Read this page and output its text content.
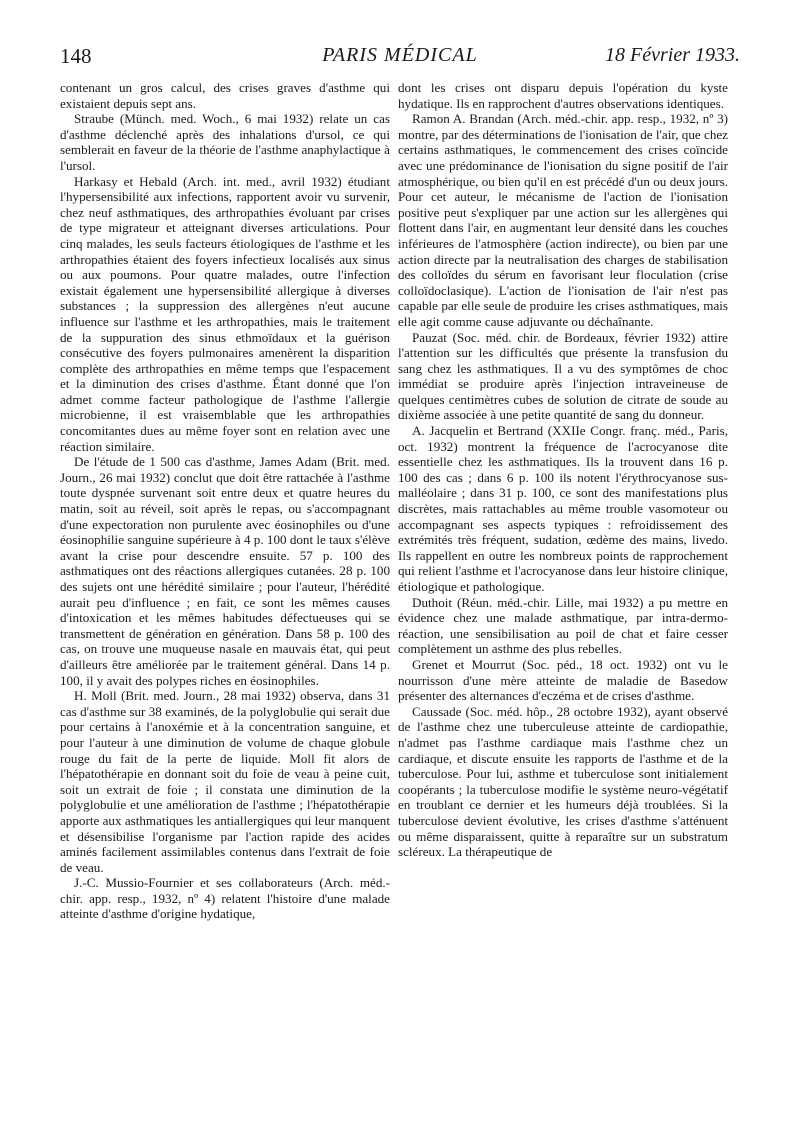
148	PARIS MÉDICAL	18 Février 1933.

contenant un gros calcul, des crises graves d'asthme qui existaient depuis sept ans.

Straube (Münch. med. Woch., 6 mai 1932) relate un cas d'asthme déclenché après des inhalations d'ursol, ce qui semblerait en faveur de la théorie de l'asthme anaphylactique à l'ursol.

Harkasy et Hebald (Arch. int. med., avril 1932) étudiant l'hypersensibilité aux infections, rapportent avoir vu survenir, chez neuf asthmatiques, des arthropathies évoluant par crises de type migrateur et atteignant diverses articulations. Pour cinq malades, les seuls facteurs étiologiques de l'asthme et les arthropathies étaient des foyers infectieux localisés aux sinus ou aux poumons. Pour quatre malades, outre l'infection existait également une hypersensibilité allergique à diverses substances ; la suppression des allergènes n'eut aucune influence sur l'asthme et les arthropathies, mais le traitement de la suppuration des sinus ethmoïdaux et la guérison consécutive des foyers pulmonaires amenèrent la disparition complète des arthropathies en même temps que l'espacement et la diminution des crises d'asthme. Étant donné que l'on admet comme facteur pathologique de l'asthme l'allergie microbienne, il est vraisemblable que les arthropathies concomitantes dues au même foyer sont en relation avec une réaction similaire.

De l'étude de 1 500 cas d'asthme, James Adam (Brit. med. Journ., 26 mai 1932) conclut que doit être rattachée à l'asthme toute dyspnée survenant soit entre deux et quatre heures du matin, soit au réveil, soit après le repas, ou s'accompagnant d'une expectoration non purulente avec éosinophiles ou d'une éosinophilie sanguine supérieure à 4 p. 100 dont le taux s'élève avant la crise pour descendre ensuite. 57 p. 100 des asthmatiques ont des réactions allergiques cutanées. 28 p. 100 des sujets ont une hérédité similaire ; pour l'auteur, l'hérédité aurait peu d'influence ; en fait, ce sont les mêmes causes d'intoxication et les mêmes habitudes défectueuses qui se transmettent de génération en génération. Dans 58 p. 100 des cas, on trouve une muqueuse nasale en mauvais état, qui peut d'ailleurs être améliorée par le traitement général. Dans 14 p. 100, il y avait des polypes riches en éosinophiles.

H. Moll (Brit. med. Journ., 28 mai 1932) observa, dans 31 cas d'asthme sur 38 examinés, de la polyglobulie qui serait due pour certains à l'anoxémie et à la concentration sanguine, et pour l'auteur à une diminution de volume de chaque globule rouge du fait de la perte de liquide. Moll fit alors de l'hépatothérapie en donnant soit du foie de veau à peine cuit, soit un extrait de foie ; il constata une diminution de la polyglobulie et une amélioration de l'asthme ; l'hépatothérapie apporte aux asthmatiques les antiallergiques qui leur manquent et désensibilise l'organisme par l'action rapide des acides aminés facilement assimilables contenus dans l'extrait de foie de veau.

J.-C. Mussio-Fournier et ses collaborateurs (Arch. méd.-chir. app. resp., 1932, nº 4) relatent l'histoire d'une malade atteinte d'asthme d'origine hydatique,

dont les crises ont disparu depuis l'opération du kyste hydatique. Ils en rapprochent d'autres observations identiques.

Ramon A. Brandan (Arch. méd.-chir. app. resp., 1932, nº 3) montre, par des déterminations de l'ionisation de l'air, que chez certains asthmatiques, le commencement des crises coïncide avec une prédominance de l'ionisation du signe positif de l'air atmosphérique, ou bien qu'il en est précédé d'un ou deux jours. Pour cet auteur, le mécanisme de l'action de l'ionisation positive peut s'expliquer par une action sur les allergènes qui flottent dans l'air, en augmentant leur densité dans les couches inférieures de l'atmosphère (action indirecte), ou bien par une action directe par la neutralisation des charges de stabilisation des colloïdes du sérum en favorisant leur floculation (crise colloïdoclasique). L'action de l'ionisation de l'air n'est pas capable par elle seule de produire les crises asthmatiques, mais elle agit comme cause adjuvante ou déchaînante.

Pauzat (Soc. méd. chir. de Bordeaux, février 1932) attire l'attention sur les difficultés que présente la transfusion du sang chez les asthmatiques. Il a vu des symptômes de choc immédiat se produire après l'injection intraveineuse de quelques centimètres cubes de solution de citrate de soude au dixième associée à une petite quantité de sang du donneur.

A. Jacquelin et Bertrand (XXIIe Congr. franç. méd., Paris, oct. 1932) montrent la fréquence de l'acrocyanose dite essentielle chez les asthmatiques. Ils la trouvent dans 16 p. 100 des cas ; dans 6 p. 100 ils notent l'érythrocyanose sus-malléolaire ; dans 31 p. 100, ce sont des manifestations plus discrètes, mais rattachables au même trouble vasomoteur ou accompagnant ses aspects typiques : refroidissement des extrémités très fréquent, sudation, œdème des mains, livedo. Ils rappellent en outre les nombreux points de rapprochement qui relient l'asthme et l'acrocyanose dans leur histoire clinique, étiologique et pathologique.

Duthoit (Réun. méd.-chir. Lille, mai 1932) a pu mettre en évidence chez une malade asthmatique, par intra-dermo-réaction, une sensibilisation au poil de chat et faire cesser complètement un asthme des plus rebelles.

Grenet et Mourrut (Soc. péd., 18 oct. 1932) ont vu le nourrisson d'une mère atteinte de maladie de Basedow présenter des alternances d'eczéma et de crises d'asthme.

Caussade (Soc. méd. hôp., 28 octobre 1932), ayant observé de l'asthme chez une tuberculeuse atteinte de cardiopathie, n'admet pas l'asthme cardiaque mais l'asthme chez un cardiaque, et discute ensuite les rapports de l'asthme et de la tuberculose. Pour lui, asthme et tuberculose sont initialement coopérants ; la tuberculose modifie le système neuro-végétatif en troublant ce dernier et les humeurs déjà troublées. Si la tuberculose devient évolutive, les crises d'asthme s'atténuent ou même disparaissent, quitte à reparaître sur un substratum scléreux. La thérapeutique de
